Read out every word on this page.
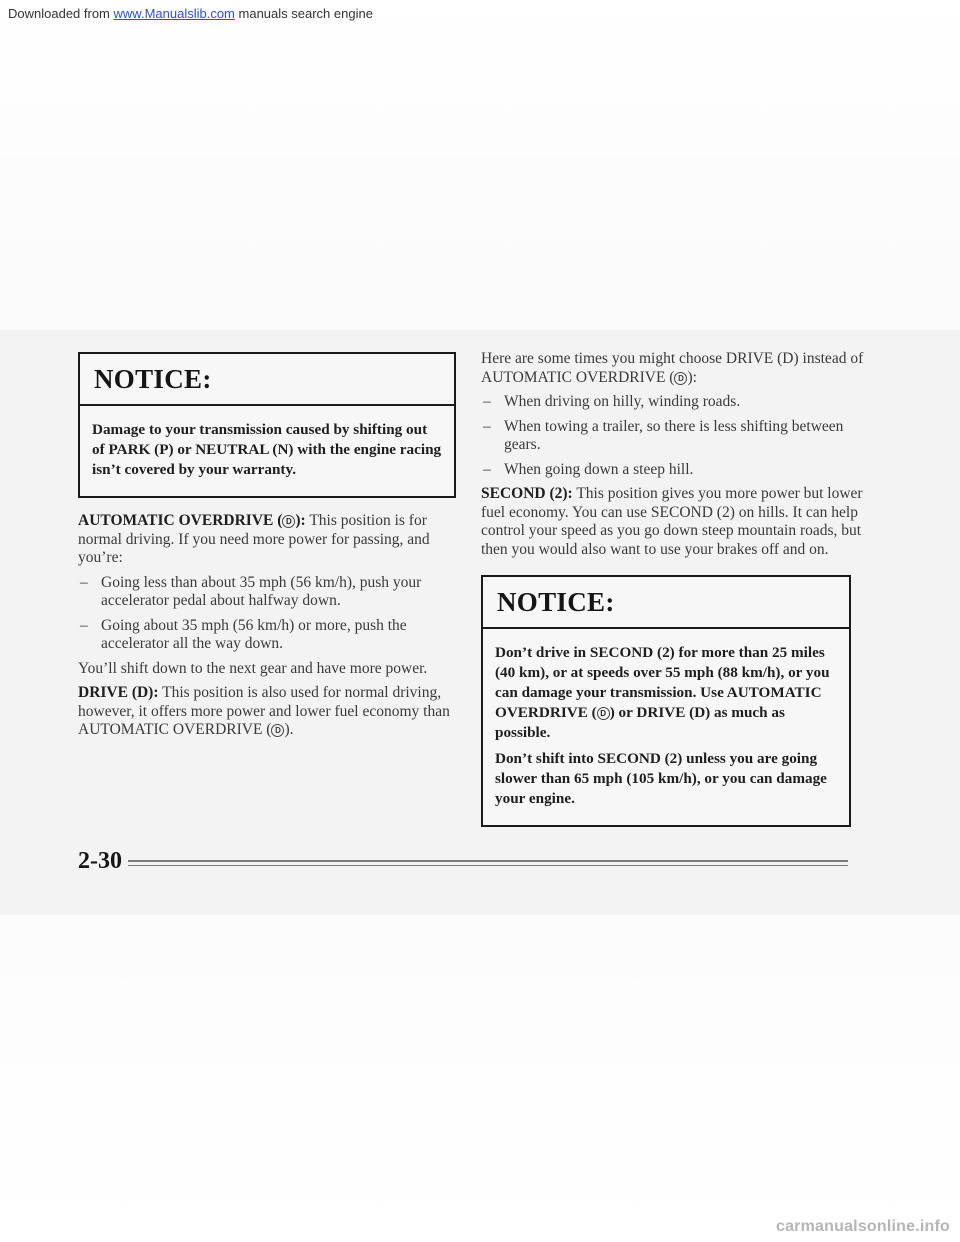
Downloaded from www.Manualslib.com manuals search engine
NOTICE:

Damage to your transmission caused by shifting out of PARK (P) or NEUTRAL (N) with the engine racing isn’t covered by your warranty.

AUTOMATIC OVERDRIVE ( D ): This position is for normal driving. If you need more power for passing, and you’re:

– Going less than about 35 mph (56 km/h), push your accelerator pedal about halfway down.
– Going about 35 mph (56 km/h) or more, push the accelerator all the way down.

You’ll shift down to the next gear and have more power.

DRIVE (D): This position is also used for normal driving, however, it offers more power and lower fuel economy than AUTOMATIC OVERDRIVE ( D ).

Here are some times you might choose DRIVE (D) instead of AUTOMATIC OVERDRIVE ( D ):

– When driving on hilly, winding roads.
– When towing a trailer, so there is less shifting between gears.
– When going down a steep hill.

SECOND (2): This position gives you more power but lower fuel economy. You can use SECOND (2) on hills. It can help control your speed as you go down steep mountain roads, but then you would also want to use your brakes off and on.

NOTICE:

Don’t drive in SECOND (2) for more than 25 miles (40 km), or at speeds over 55 mph (88 km/h), or you can damage your transmission. Use AUTOMATIC OVERDRIVE ( D ) or DRIVE (D) as much as possible.

Don’t shift into SECOND (2) unless you are going slower than 65 mph (105 km/h), or you can damage your engine.

2-30
carmanualsonline.info
